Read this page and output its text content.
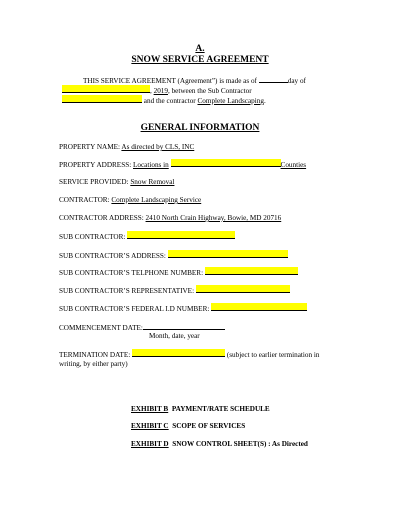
A.
SNOW SERVICE AGREEMENT
THIS SERVICE AGREEMENT (Agreement”) is made as of	day of
, 2019, between the Sub Contractor
and the contractor Complete Landscaping.
GENERAL INFORMATION
PROPERTY NAME: As directed by CLS, INC
PROPERTY ADDRESS: Locations in	Counties
SERVICE PROVIDED: Snow Removal
CONTRACTOR: Complete Landscaping Service
CONTRACTOR ADDRESS: 2410 North Crain Highway, Bowie, MD 20716
SUB CONTRACTOR:
SUB CONTRACTOR’S ADDRESS:
SUB CONTRACTOR’S TELPHONE NUMBER:
SUB CONTRACTOR’S REPRESENTATIVE:
SUB CONTRACTOR’S FEDERAL I.D NUMBER:
COMMENCEMENT DATE:
Month, date, year
TERMINATION DATE:	(subject to earlier termination in
writing, by either party)
EXHIBIT B PAYMENT/RATE SCHEDULE
EXHIBIT C SCOPE OF SERVICES
EXHIBIT D SNOW CONTROL SHEET(S) : As Directed
